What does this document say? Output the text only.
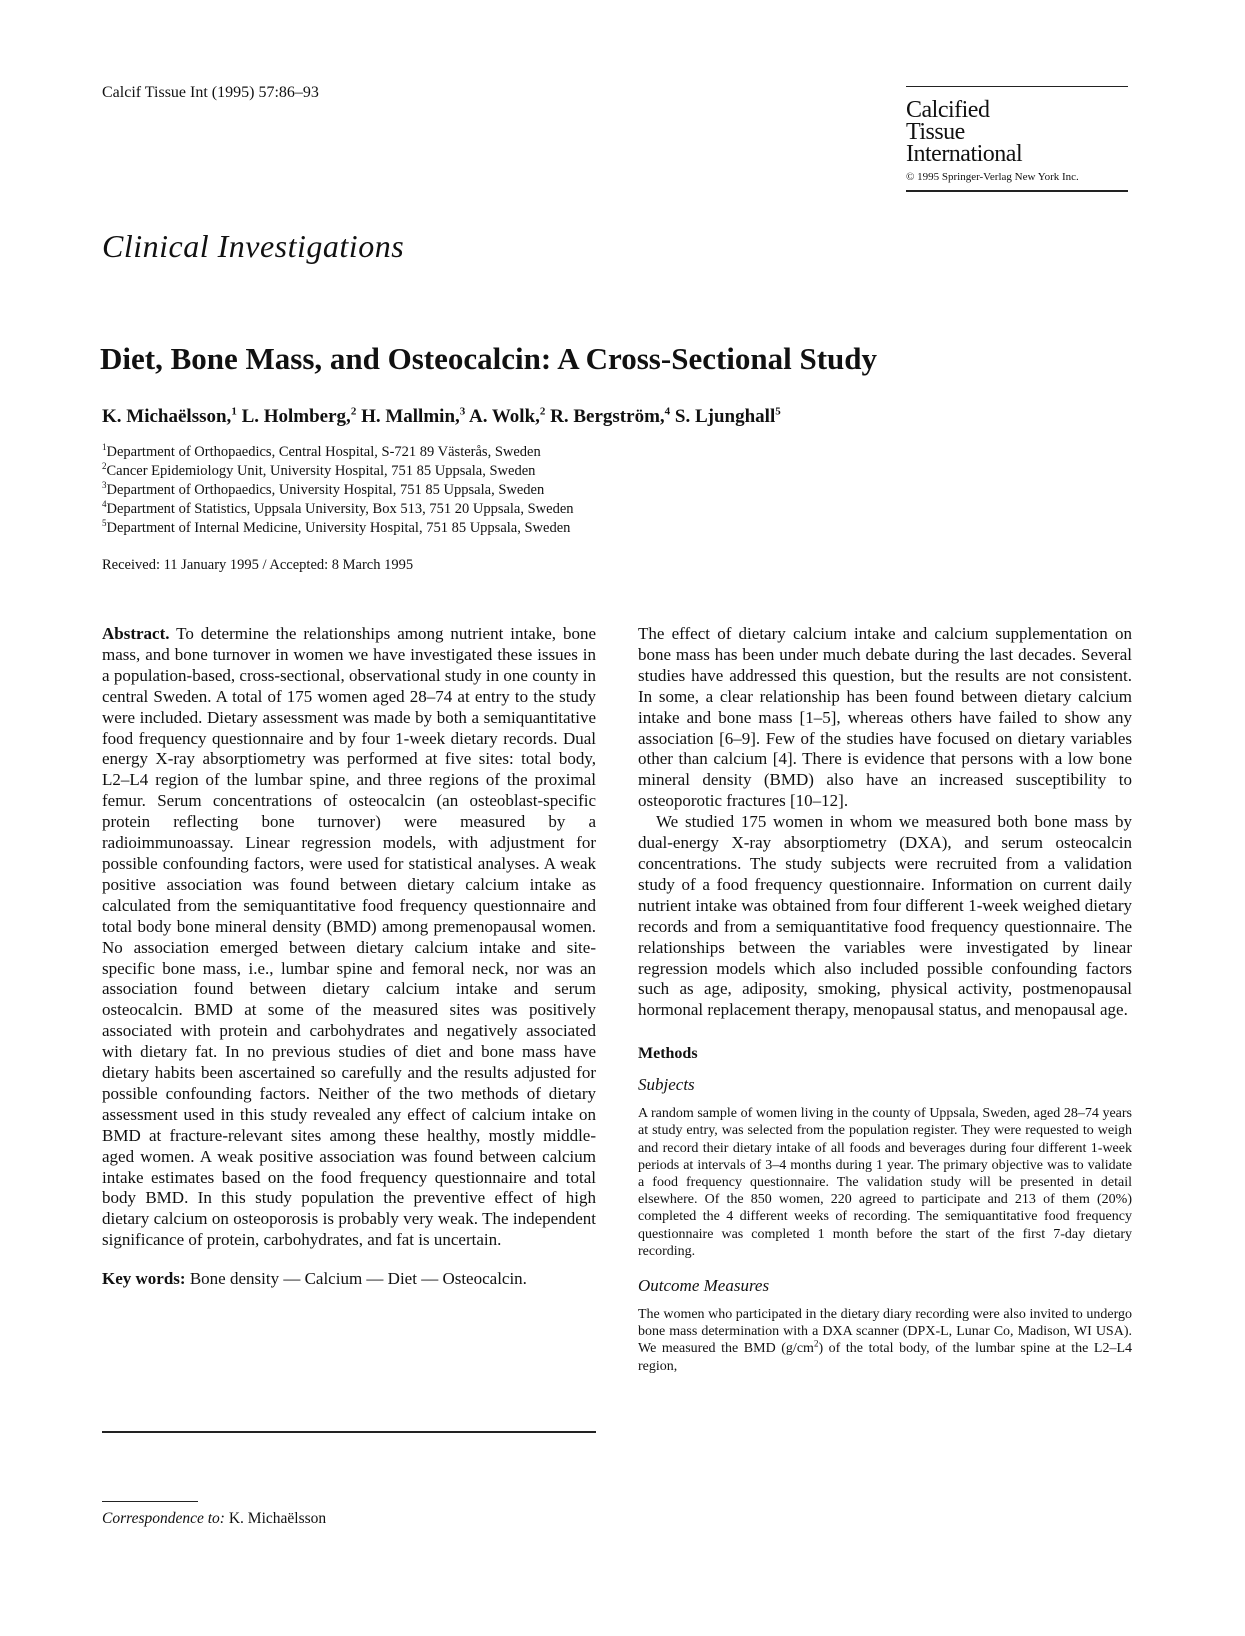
Calcif Tissue Int (1995) 57:86–93
Calcified
Tissue
International
© 1995 Springer-Verlag New York Inc.
Clinical Investigations
Diet, Bone Mass, and Osteocalcin: A Cross-Sectional Study
K. Michaëlsson,$^1$ L. Holmberg,$^2$ H. Mallmin,$^3$ A. Wolk,$^2$ R. Bergström,$^4$ S. Ljunghall$^5$
$^1$Department of Orthopaedics, Central Hospital, S-721 89 Västerås, Sweden
$^2$Cancer Epidemiology Unit, University Hospital, 751 85 Uppsala, Sweden
$^3$Department of Orthopaedics, University Hospital, 751 85 Uppsala, Sweden
$^4$Department of Statistics, Uppsala University, Box 513, 751 20 Uppsala, Sweden
$^5$Department of Internal Medicine, University Hospital, 751 85 Uppsala, Sweden
Received: 11 January 1995 / Accepted: 8 March 1995

Abstract. To determine the relationships among nutrient intake, bone mass, and bone turnover in women we have investigated these issues in a population-based, cross-sectional, observational study in one county in central Sweden. A total of 175 women aged 28–74 at entry to the study were included. Dietary assessment was made by both a semiquantitative food frequency questionnaire and by four 1-week dietary records. Dual energy X-ray absorptiometry was performed at five sites: total body, L2–L4 region of the lumbar spine, and three regions of the proximal femur. Serum concentrations of osteocalcin (an osteoblast-specific protein reflecting bone turnover) were measured by a radioimmunoassay. Linear regression models, with adjustment for possible confounding factors, were used for statistical analyses. A weak positive association was found between dietary calcium intake as calculated from the semiquantitative food frequency questionnaire and total body bone mineral density (BMD) among premenopausal women. No association emerged between dietary calcium intake and site-specific bone mass, i.e., lumbar spine and femoral neck, nor was an association found between dietary calcium intake and serum osteocalcin. BMD at some of the measured sites was positively associated with protein and carbohydrates and negatively associated with dietary fat. In no previous studies of diet and bone mass have dietary habits been ascertained so carefully and the results adjusted for possible confounding factors. Neither of the two methods of dietary assessment used in this study revealed any effect of calcium intake on BMD at fracture-relevant sites among these healthy, mostly middle-aged women. A weak positive association was found between calcium intake estimates based on the food frequency questionnaire and total body BMD. In this study population the preventive effect of high dietary calcium on osteoporosis is probably very weak. The independent significance of protein, carbohydrates, and fat is uncertain.

Key words: Bone density — Calcium — Diet — Osteocalcin.

Correspondence to: K. Michaëlsson

The effect of dietary calcium intake and calcium supplementation on bone mass has been under much debate during the last decades. Several studies have addressed this question, but the results are not consistent. In some, a clear relationship has been found between dietary calcium intake and bone mass [1–5], whereas others have failed to show any association [6–9]. Few of the studies have focused on dietary variables other than calcium [4]. There is evidence that persons with a low bone mineral density (BMD) also have an increased susceptibility to osteoporotic fractures [10–12].

We studied 175 women in whom we measured both bone mass by dual-energy X-ray absorptiometry (DXA), and serum osteocalcin concentrations. The study subjects were recruited from a validation study of a food frequency questionnaire. Information on current daily nutrient intake was obtained from four different 1-week weighed dietary records and from a semiquantitative food frequency questionnaire. The relationships between the variables were investigated by linear regression models which also included possible confounding factors such as age, adiposity, smoking, physical activity, postmenopausal hormonal replacement therapy, menopausal status, and menopausal age.

Methods
Subjects

A random sample of women living in the county of Uppsala, Sweden, aged 28–74 years at study entry, was selected from the population register. They were requested to weigh and record their dietary intake of all foods and beverages during four different 1-week periods at intervals of 3–4 months during 1 year. The primary objective was to validate a food frequency questionnaire. The validation study will be presented in detail elsewhere. Of the 850 women, 220 agreed to participate and 213 of them (20%) completed the 4 different weeks of recording. The semiquantitative food frequency questionnaire was completed 1 month before the start of the first 7-day dietary recording.

Outcome Measures

The women who participated in the dietary diary recording were also invited to undergo bone mass determination with a DXA scanner (DPX-L, Lunar Co, Madison, WI USA). We measured the BMD (g/cm$^2$) of the total body, of the lumbar spine at the L2–L4 region,
